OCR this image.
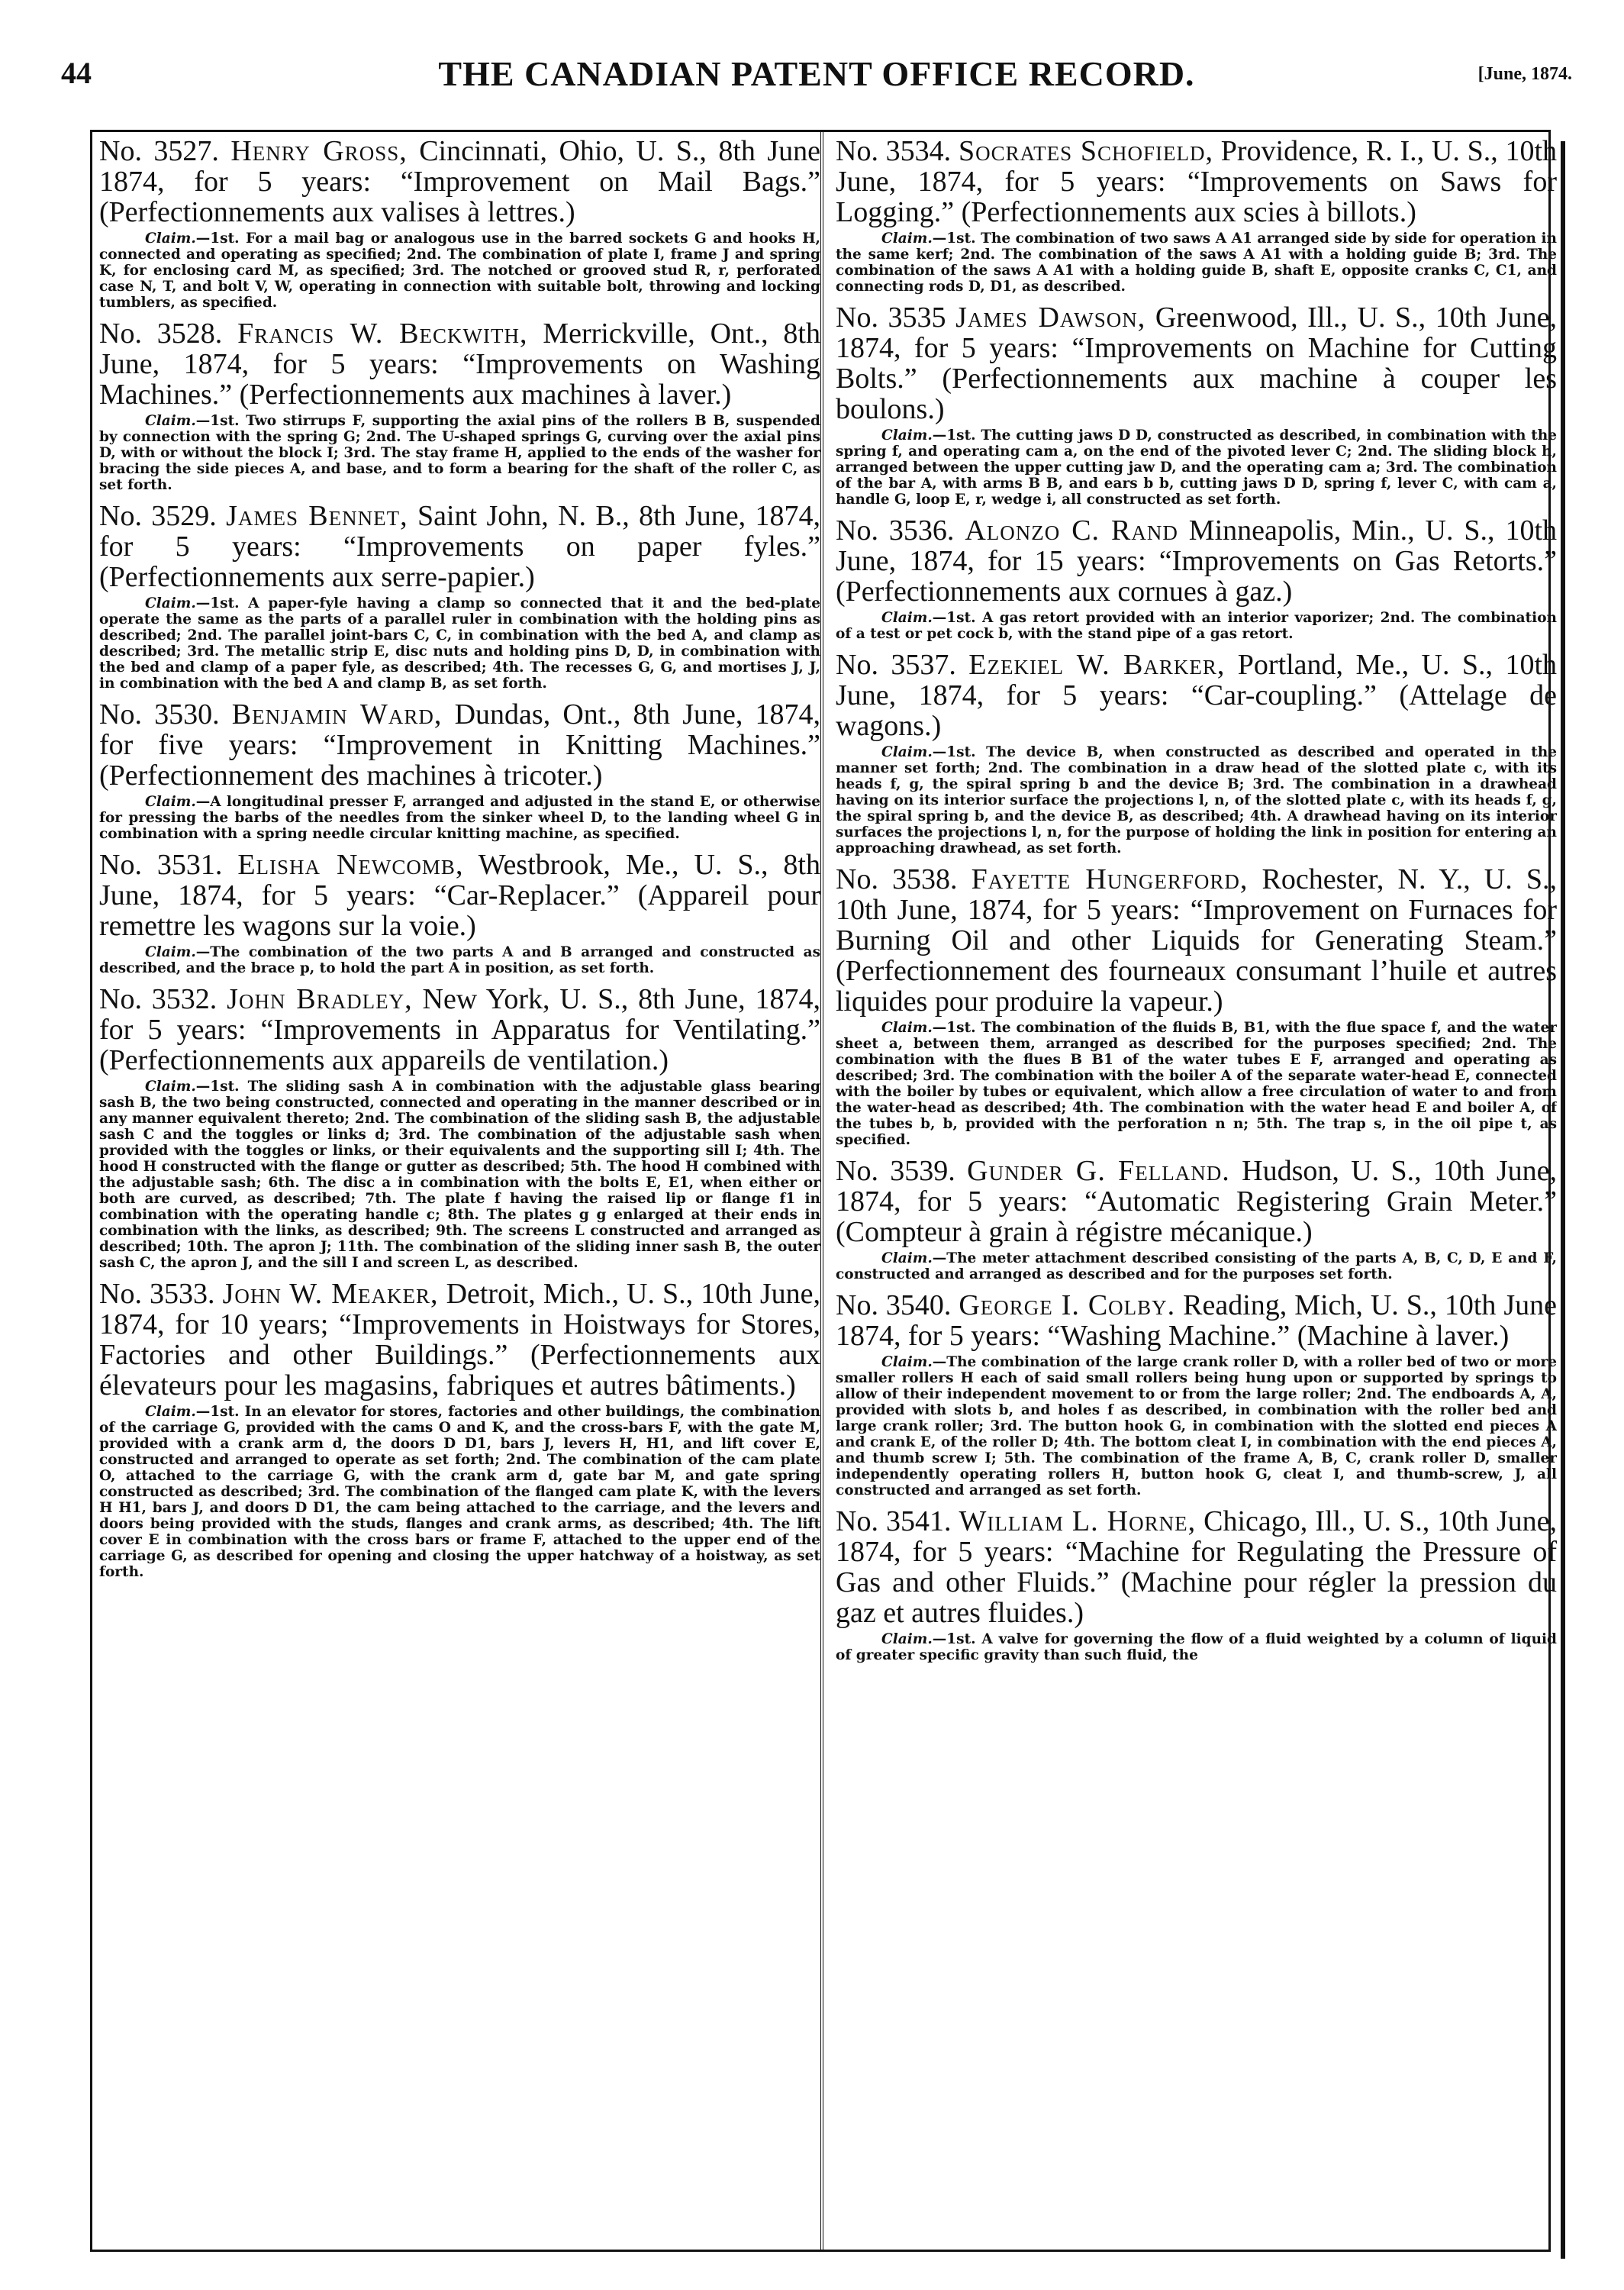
44	THE CANADIAN PATENT OFFICE RECORD.	[June, 1874.

No. 3527. Henry Gross, Cincinnati, Ohio, U. S., 8th June 1874, for 5 years: “Improvement on Mail Bags.” (Perfectionnements aux valises à lettres.)

Claim.—1st. For a mail bag or analogous use in the barred sockets G and hooks H, connected and operating as specified; 2nd. The combination of plate I, frame J and spring K, for enclosing card M, as specified; 3rd. The notched or grooved stud R, r, perforated case N, T, and bolt V, W, operating in connection with suitable bolt, throwing and locking tumblers, as specified.

No. 3528. Francis W. Beckwith, Merrickville, Ont., 8th June, 1874, for 5 years: “Improvements on Washing Machines.” (Perfectionnements aux machines à laver.)

Claim.—1st. Two stirrups F, supporting the axial pins of the rollers B B, suspended by connection with the spring G; 2nd. The U-shaped springs G, curving over the axial pins D, with or without the block I; 3rd. The stay frame H, applied to the ends of the washer for bracing the side pieces A, and base, and to form a bearing for the shaft of the roller C, as set forth.

No. 3529. James Bennet, Saint John, N. B., 8th June, 1874, for 5 years: “Improvements on paper fyles.” (Perfectionnements aux serre-papier.)

Claim.—1st. A paper-fyle having a clamp so connected that it and the bed-plate operate the same as the parts of a parallel ruler in combination with the holding pins as described; 2nd. The parallel joint-bars C, C, in combination with the bed A, and clamp as described; 3rd. The metallic strip E, disc nuts and holding pins D, D, in combination with the bed and clamp of a paper fyle, as described; 4th. The recesses G, G, and mortises J, J, in combination with the bed A and clamp B, as set forth.

No. 3530. Benjamin Ward, Dundas, Ont., 8th June, 1874, for five years: “Improvement in Knitting Machines.” (Perfectionnement des machines à tricoter.)

Claim.—A longitudinal presser F, arranged and adjusted in the stand E, or otherwise for pressing the barbs of the needles from the sinker wheel D, to the landing wheel G in combination with a spring needle circular knitting machine, as specified.

No. 3531. Elisha Newcomb, Westbrook, Me., U. S., 8th June, 1874, for 5 years: “Car-Replacer.” (Appareil pour remettre les wagons sur la voie.)

Claim.—The combination of the two parts A and B arranged and constructed as described, and the brace p, to hold the part A in position, as set forth.

No. 3532. John Bradley, New York, U. S., 8th June, 1874, for 5 years: “Improvements in Apparatus for Ventilating.” (Perfectionnements aux appareils de ventilation.)

Claim.—1st. The sliding sash A in combination with the adjustable glass bearing sash B, the two being constructed, connected and operating in the manner described or in any manner equivalent thereto; 2nd. The combination of the sliding sash B, the adjustable sash C and the toggles or links d; 3rd. The combination of the adjustable sash when provided with the toggles or links, or their equivalents and the supporting sill I; 4th. The hood H constructed with the flange or gutter as described; 5th. The hood H combined with the adjustable sash; 6th. The disc a in combination with the bolts E, E1, when either or both are curved, as described; 7th. The plate f having the raised lip or flange f1 in combination with the operating handle c; 8th. The plates g g enlarged at their ends in combination with the links, as described; 9th. The screens L constructed and arranged as described; 10th. The apron J; 11th. The combination of the sliding inner sash B, the outer sash C, the apron J, and the sill I and screen L, as described.

No. 3533. John W. Meaker, Detroit, Mich., U. S., 10th June, 1874, for 10 years; “Improvements in Hoistways for Stores, Factories and other Buildings.” (Perfectionnements aux élevateurs pour les magasins, fabriques et autres bâtiments.)

Claim.—1st. In an elevator for stores, factories and other buildings, the combination of the carriage G, provided with the cams O and K, and the cross-bars F, with the gate M, provided with a crank arm d, the doors D D1, bars J, levers H, H1, and lift cover E, constructed and arranged to operate as set forth; 2nd. The combination of the cam plate O, attached to the carriage G, with the crank arm d, gate bar M, and gate spring constructed as described; 3rd. The combination of the flanged cam plate K, with the levers H H1, bars J, and doors D D1, the cam being attached to the carriage, and the levers and doors being provided with the studs, flanges and crank arms, as described; 4th. The lift cover E in combination with the cross bars or frame F, attached to the upper end of the carriage G, as described for opening and closing the upper hatchway of a hoistway, as set forth.

No. 3534. Socrates Schofield, Providence, R. I., U. S., 10th June, 1874, for 5 years: “Improvements on Saws for Logging.” (Perfectionnements aux scies à billots.)

Claim.—1st. The combination of two saws A A1 arranged side by side for operation in the same kerf; 2nd. The combination of the saws A A1 with a holding guide B; 3rd. The combination of the saws A A1 with a holding guide B, shaft E, opposite cranks C, C1, and connecting rods D, D1, as described.

No. 3535 James Dawson, Greenwood, Ill., U. S., 10th June, 1874, for 5 years: “Improvements on Machine for Cutting Bolts.” (Perfectionnements aux machine à couper les boulons.)

Claim.—1st. The cutting jaws D D, constructed as described, in combination with the spring f, and operating cam a, on the end of the pivoted lever C; 2nd. The sliding block h, arranged between the upper cutting jaw D, and the operating cam a; 3rd. The combination of the bar A, with arms B B, and ears b b, cutting jaws D D, spring f, lever C, with cam a, handle G, loop E, r, wedge i, all constructed as set forth.

No. 3536. Alonzo C. Rand Minneapolis, Min., U. S., 10th June, 1874, for 15 years: “Improvements on Gas Retorts.” (Perfectionnements aux cornues à gaz.)

Claim.—1st. A gas retort provided with an interior vaporizer; 2nd. The combination of a test or pet cock b, with the stand pipe of a gas retort.

No. 3537. Ezekiel W. Barker, Portland, Me., U. S., 10th June, 1874, for 5 years: “Car-coupling.” (Attelage de wagons.)

Claim.—1st. The device B, when constructed as described and operated in the manner set forth; 2nd. The combination in a draw head of the slotted plate c, with its heads f, g, the spiral spring b and the device B; 3rd. The combination in a drawhead having on its interior surface the projections l, n, of the slotted plate c, with its heads f, g, the spiral spring b, and the device B, as described; 4th. A drawhead having on its interior surfaces the projections l, n, for the purpose of holding the link in position for entering an approaching drawhead, as set forth.

No. 3538. Fayette Hungerford, Rochester, N. Y., U. S., 10th June, 1874, for 5 years: “Improvement on Furnaces for Burning Oil and other Liquids for Generating Steam.” (Perfectionnement des fourneaux consumant l’huile et autres liquides pour produire la vapeur.)

Claim.—1st. The combination of the fluids B, B1, with the flue space f, and the water sheet a, between them, arranged as described for the purposes specified; 2nd. The combination with the flues B B1 of the water tubes E F, arranged and operating as described; 3rd. The combination with the boiler A of the separate water-head E, connected with the boiler by tubes or equivalent, which allow a free circulation of water to and from the water-head as described; 4th. The combination with the water head E and boiler A, of the tubes b, b, provided with the perforation n n; 5th. The trap s, in the oil pipe t, as specified.

No. 3539. Gunder G. Felland. Hudson, U. S., 10th June, 1874, for 5 years: “Automatic Registering Grain Meter.” (Compteur à grain à régistre mécanique.)

Claim.—The meter attachment described consisting of the parts A, B, C, D, E and F, constructed and arranged as described and for the purposes set forth.

No. 3540. George I. Colby. Reading, Mich, U. S., 10th June 1874, for 5 years: “Washing Machine.” (Machine à laver.)

Claim.—The combination of the large crank roller D, with a roller bed of two or more smaller rollers H each of said small rollers being hung upon or supported by springs to allow of their independent movement to or from the large roller; 2nd. The endboards A, A, provided with slots b, and holes f as described, in combination with the roller bed and large crank roller; 3rd. The button hook G, in combination with the slotted end pieces A and crank E, of the roller D; 4th. The bottom cleat I, in combination with the end pieces A, and thumb screw I; 5th. The combination of the frame A, B, C, crank roller D, smaller independently operating rollers H, button hook G, cleat I, and thumb-screw, J, all constructed and arranged as set forth.

No. 3541. William L. Horne, Chicago, Ill., U. S., 10th June, 1874, for 5 years: “Machine for Regulating the Pressure of Gas and other Fluids.” (Machine pour régler la pression du gaz et autres fluides.)

Claim.—1st. A valve for governing the flow of a fluid weighted by a column of liquid of greater specific gravity than such fluid, the
